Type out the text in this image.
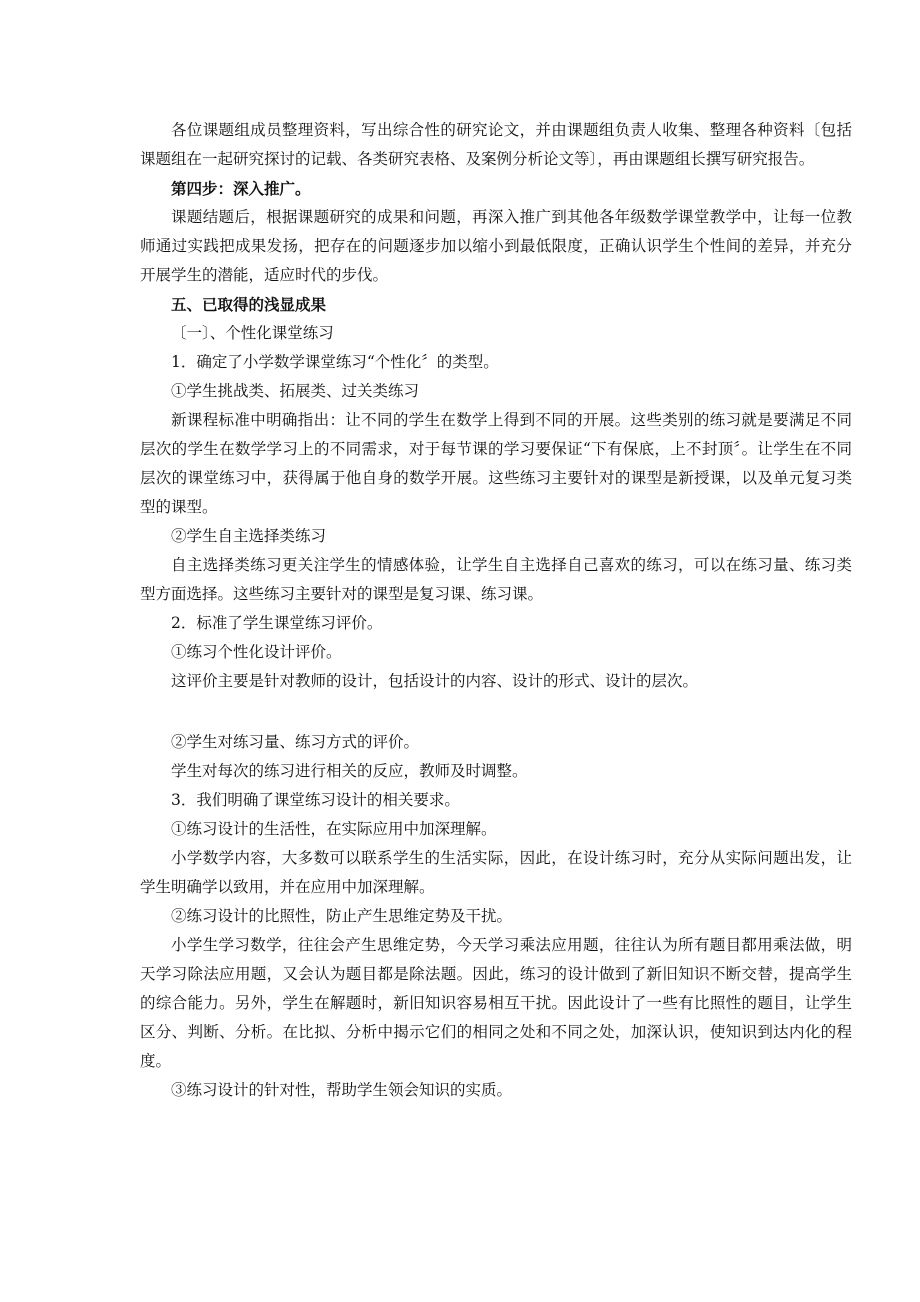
各位课题组成员整理资料，写出综合性的研究论文，并由课题组负责人收集、整理各种资料〔包括课题组在一起研究探讨的记载、各类研究表格、及案例分析论文等〕，再由课题组长撰写研究报告。

第四步：深入推广。

课题结题后，根据课题研究的成果和问题，再深入推广到其他各年级数学课堂教学中，让每一位教师通过实践把成果发扬，把存在的问题逐步加以缩小到最低限度，正确认识学生个性间的差异，并充分开展学生的潜能，适应时代的步伐。

五、已取得的浅显成果

〔一〕、个性化课堂练习

1．确定了小学数学课堂练习“个性化〞的类型。

①学生挑战类、拓展类、过关类练习

新课程标准中明确指出：让不同的学生在数学上得到不同的开展。这些类别的练习就是要满足不同层次的学生在数学学习上的不同需求，对于每节课的学习要保证“下有保底，上不封顶〞。让学生在不同层次的课堂练习中，获得属于他自身的数学开展。这些练习主要针对的课型是新授课，以及单元复习类型的课型。

②学生自主选择类练习

自主选择类练习更关注学生的情感体验，让学生自主选择自己喜欢的练习，可以在练习量、练习类型方面选择。这些练习主要针对的课型是复习课、练习课。

2．标准了学生课堂练习评价。

①练习个性化设计评价。

这评价主要是针对教师的设计，包括设计的内容、设计的形式、设计的层次。

②学生对练习量、练习方式的评价。

学生对每次的练习进行相关的反应，教师及时调整。

3．我们明确了课堂练习设计的相关要求。

①练习设计的生活性，在实际应用中加深理解。

小学数学内容，大多数可以联系学生的生活实际，因此，在设计练习时，充分从实际问题出发，让学生明确学以致用，并在应用中加深理解。

②练习设计的比照性，防止产生思维定势及干扰。

小学生学习数学，往往会产生思维定势，今天学习乘法应用题，往往认为所有题目都用乘法做，明天学习除法应用题，又会认为题目都是除法题。因此，练习的设计做到了新旧知识不断交替，提高学生的综合能力。另外，学生在解题时，新旧知识容易相互干扰。因此设计了一些有比照性的题目，让学生区分、判断、分析。在比拟、分析中揭示它们的相同之处和不同之处，加深认识，使知识到达内化的程度。

③练习设计的针对性，帮助学生领会知识的实质。
